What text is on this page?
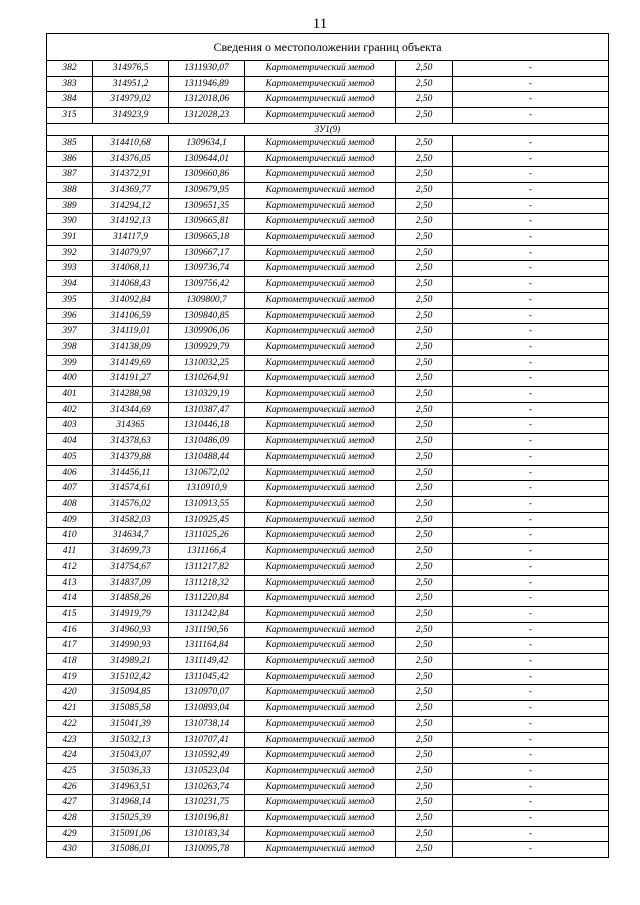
11
Сведения о местоположении границ объекта					
382	314976,5	1311930,07	Картометрический метод	2,50	-
383	314951,2	1311946,89	Картометрический метод	2,50	-
384	314979,02	1312018,06	Картометрический метод	2,50	-
315	314923,9	1312028,23	Картометрический метод	2,50	-
ЗУ1(9)					
385	314410,68	1309634,1	Картометрический метод	2,50	-
386	314376,05	1309644,01	Картометрический метод	2,50	-
387	314372,91	1309660,86	Картометрический метод	2,50	-
388	314369,77	1309679,95	Картометрический метод	2,50	-
389	314294,12	1309651,35	Картометрический метод	2,50	-
390	314192,13	1309665,81	Картометрический метод	2,50	-
391	314117,9	1309665,18	Картометрический метод	2,50	-
392	314079,97	1309667,17	Картометрический метод	2,50	-
393	314068,11	1309736,74	Картометрический метод	2,50	-
394	314068,43	1309756,42	Картометрический метод	2,50	-
395	314092,84	1309800,7	Картометрический метод	2,50	-
396	314106,59	1309840,85	Картометрический метод	2,50	-
397	314119,01	1309906,06	Картометрический метод	2,50	-
398	314138,09	1309929,79	Картометрический метод	2,50	-
399	314149,69	1310032,25	Картометрический метод	2,50	-
400	314191,27	1310264,91	Картометрический метод	2,50	-
401	314288,98	1310329,19	Картометрический метод	2,50	-
402	314344,69	1310387,47	Картометрический метод	2,50	-
403	314365	1310446,18	Картометрический метод	2,50	-
404	314378,63	1310486,09	Картометрический метод	2,50	-
405	314379,88	1310488,44	Картометрический метод	2,50	-
406	314456,11	1310672,02	Картометрический метод	2,50	-
407	314574,61	1310910,9	Картометрический метод	2,50	-
408	314576,02	1310913,55	Картометрический метод	2,50	-
409	314582,03	1310925,45	Картометрический метод	2,50	-
410	314634,7	1311025,26	Картометрический метод	2,50	-
411	314699,73	1311166,4	Картометрический метод	2,50	-
412	314754,67	1311217,82	Картометрический метод	2,50	-
413	314837,09	1311218,32	Картометрический метод	2,50	-
414	314858,26	1311220,84	Картометрический метод	2,50	-
415	314919,79	1311242,84	Картометрический метод	2,50	-
416	314960,93	1311190,56	Картометрический метод	2,50	-
417	314990,93	1311164,84	Картометрический метод	2,50	-
418	314989,21	1311149,42	Картометрический метод	2,50	-
419	315102,42	1311045,42	Картометрический метод	2,50	-
420	315094,85	1310970,07	Картометрический метод	2,50	-
421	315085,58	1310893,04	Картометрический метод	2,50	-
422	315041,39	1310738,14	Картометрический метод	2,50	-
423	315032,13	1310707,41	Картометрический метод	2,50	-
424	315043,07	1310592,49	Картометрический метод	2,50	-
425	315036,33	1310523,04	Картометрический метод	2,50	-
426	314963,51	1310263,74	Картометрический метод	2,50	-
427	314968,14	1310231,75	Картометрический метод	2,50	-
428	315025,39	1310196,81	Картометрический метод	2,50	-
429	315091,06	1310183,34	Картометрический метод	2,50	-
430	315086,01	1310095,78	Картометрический метод	2,50	-
